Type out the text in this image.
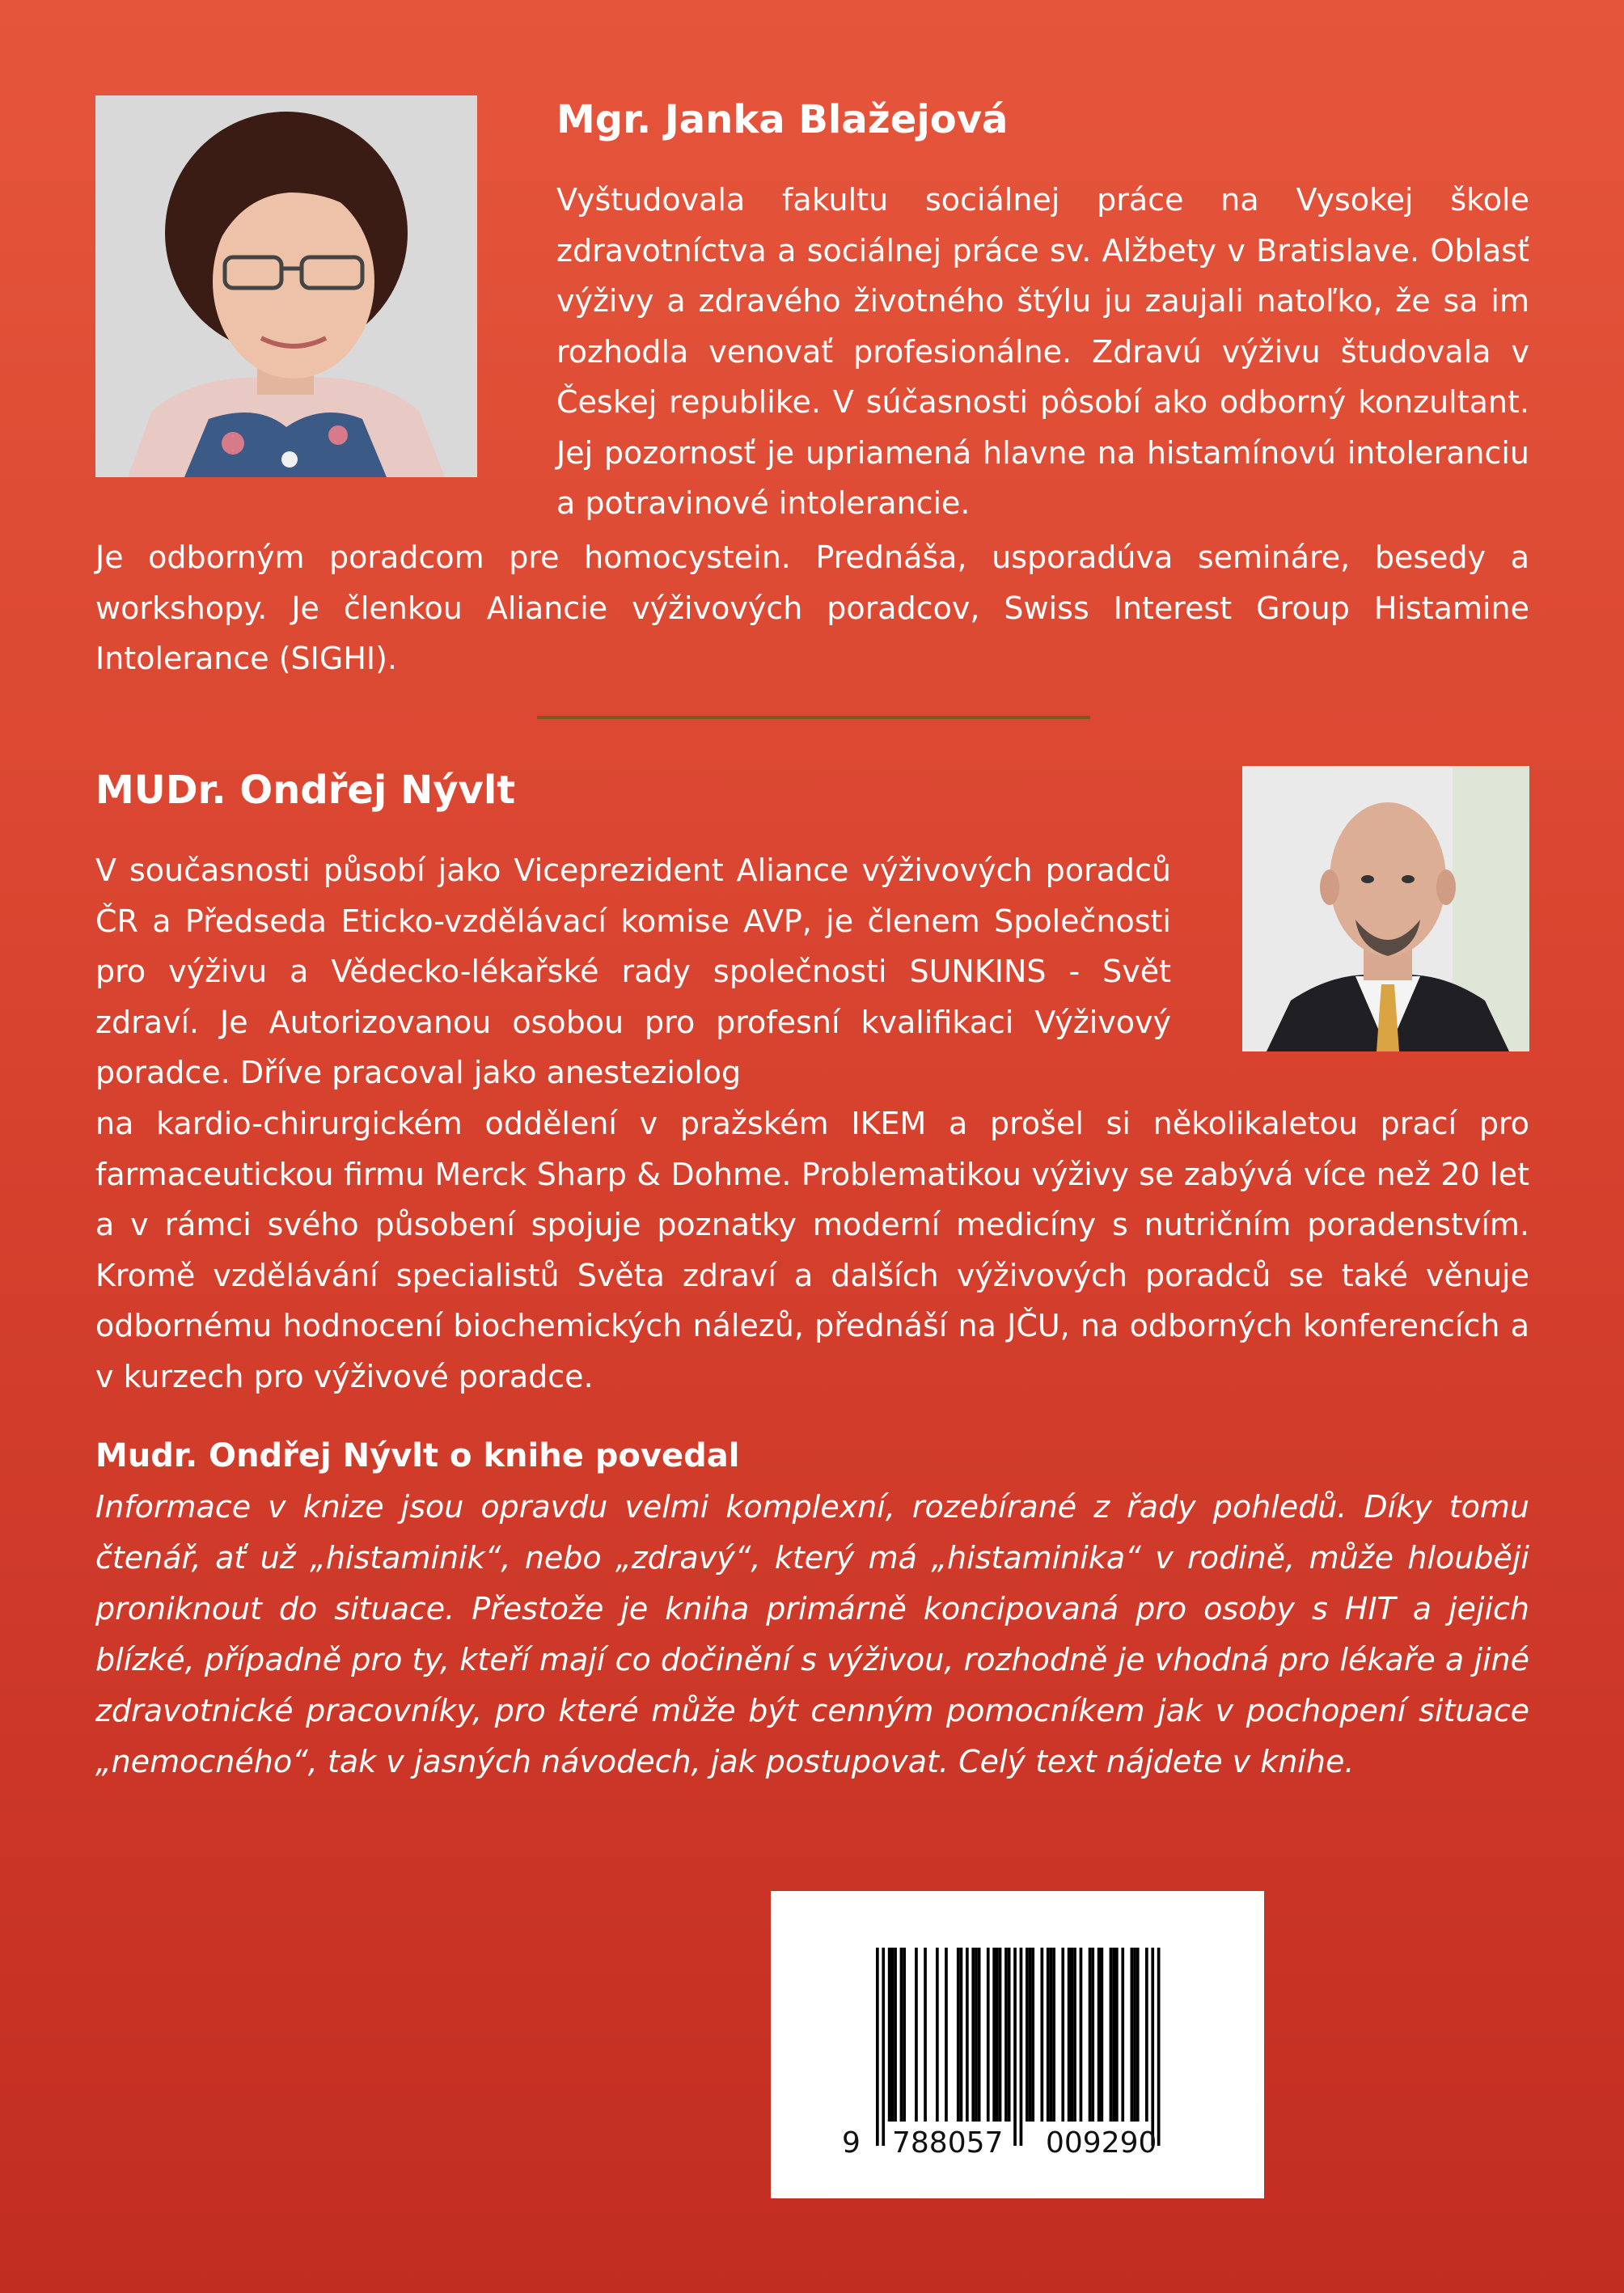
Mgr. Janka Blažejová

Vyštudovala fakultu sociálnej práce na Vysokej škole zdravotníctva a sociálnej práce sv. Alžbety v Bratislave. Oblasť výživy a zdravého životného štýlu ju zaujali natoľko, že sa im rozhodla venovať profesionálne. Zdravú výživu študovala v Českej republike. V súčasnosti pôsobí ako odborný konzultant. Jej pozornosť je upriamená hlavne na histamínovú intoleranciu a potravinové intolerancie.

Je odborným poradcom pre homocystein. Prednáša, usporadúva semináre, besedy a workshopy. Je členkou Aliancie výživových poradcov, Swiss Interest Group Histamine Intolerance (SIGHI).

MUDr. Ondřej Nývlt

V současnosti působí jako Viceprezident Aliance výživových poradců ČR a Předseda Eticko-vzdělávací komise AVP, je členem Společnosti pro výživu a Vědecko-lékařské rady společnosti SUNKINS - Svět zdraví. Je Autorizovanou osobou pro profesní kvalifikaci Výživový poradce. Dříve pracoval jako anesteziolog

na kardio-chirurgickém oddělení v pražském IKEM a prošel si několikaletou prací pro farmaceutickou firmu Merck Sharp & Dohme. Problematikou výživy se zabývá více než 20 let a v rámci svého působení spojuje poznatky moderní medicíny s nutričním poradenstvím. Kromě vzdělávání specialistů Světa zdraví a dalších výživových poradců se také věnuje odbornému hodnocení biochemických nálezů, přednáší na JČU, na odborných konferencích a v kurzech pro výživové poradce.

Mudr. Ondřej Nývlt o knihe povedal

Informace v knize jsou opravdu velmi komplexní, rozebírané z řady pohledů. Díky tomu čtenář, ať už „histaminik“, nebo „zdravý“, který má „histaminika“ v rodině, může hlouběji proniknout do situace. Přestože je kniha primárně koncipovaná pro osoby s HIT a jejich blízké, případně pro ty, kteří mají co dočinění s výživou, rozhodně je vhodná pro lékaře a jiné zdravotnické pracovníky, pro které může být cenným pomocníkem jak v pochopení situace „nemocného“, tak v jasných návodech, jak postupovat. Celý text nájdete v knihe.

9 788057 009290
